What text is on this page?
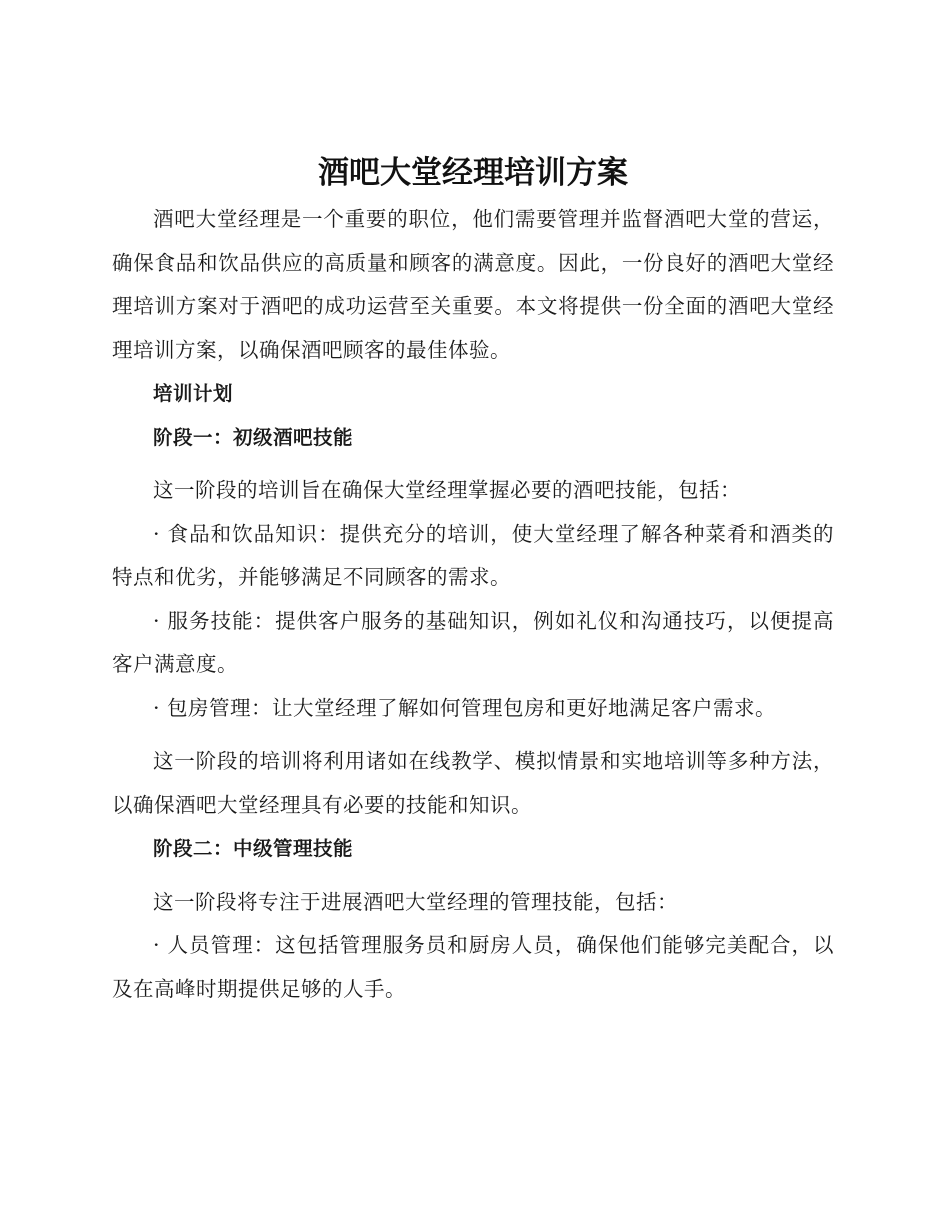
酒吧大堂经理培训方案

酒吧大堂经理是一个重要的职位，他们需要管理并监督酒吧大堂的营运，确保食品和饮品供应的高质量和顾客的满意度。因此，一份良好的酒吧大堂经理培训方案对于酒吧的成功运营至关重要。本文将提供一份全面的酒吧大堂经理培训方案，以确保酒吧顾客的最佳体验。

培训计划

阶段一：初级酒吧技能

这一阶段的培训旨在确保大堂经理掌握必要的酒吧技能，包括：

· 食品和饮品知识：提供充分的培训，使大堂经理了解各种菜肴和酒类的特点和优劣，并能够满足不同顾客的需求。

· 服务技能：提供客户服务的基础知识，例如礼仪和沟通技巧，以便提高客户满意度。

· 包房管理：让大堂经理了解如何管理包房和更好地满足客户需求。

这一阶段的培训将利用诸如在线教学、模拟情景和实地培训等多种方法，以确保酒吧大堂经理具有必要的技能和知识。

阶段二：中级管理技能

这一阶段将专注于进展酒吧大堂经理的管理技能，包括：

· 人员管理：这包括管理服务员和厨房人员，确保他们能够完美配合，以及在高峰时期提供足够的人手。
